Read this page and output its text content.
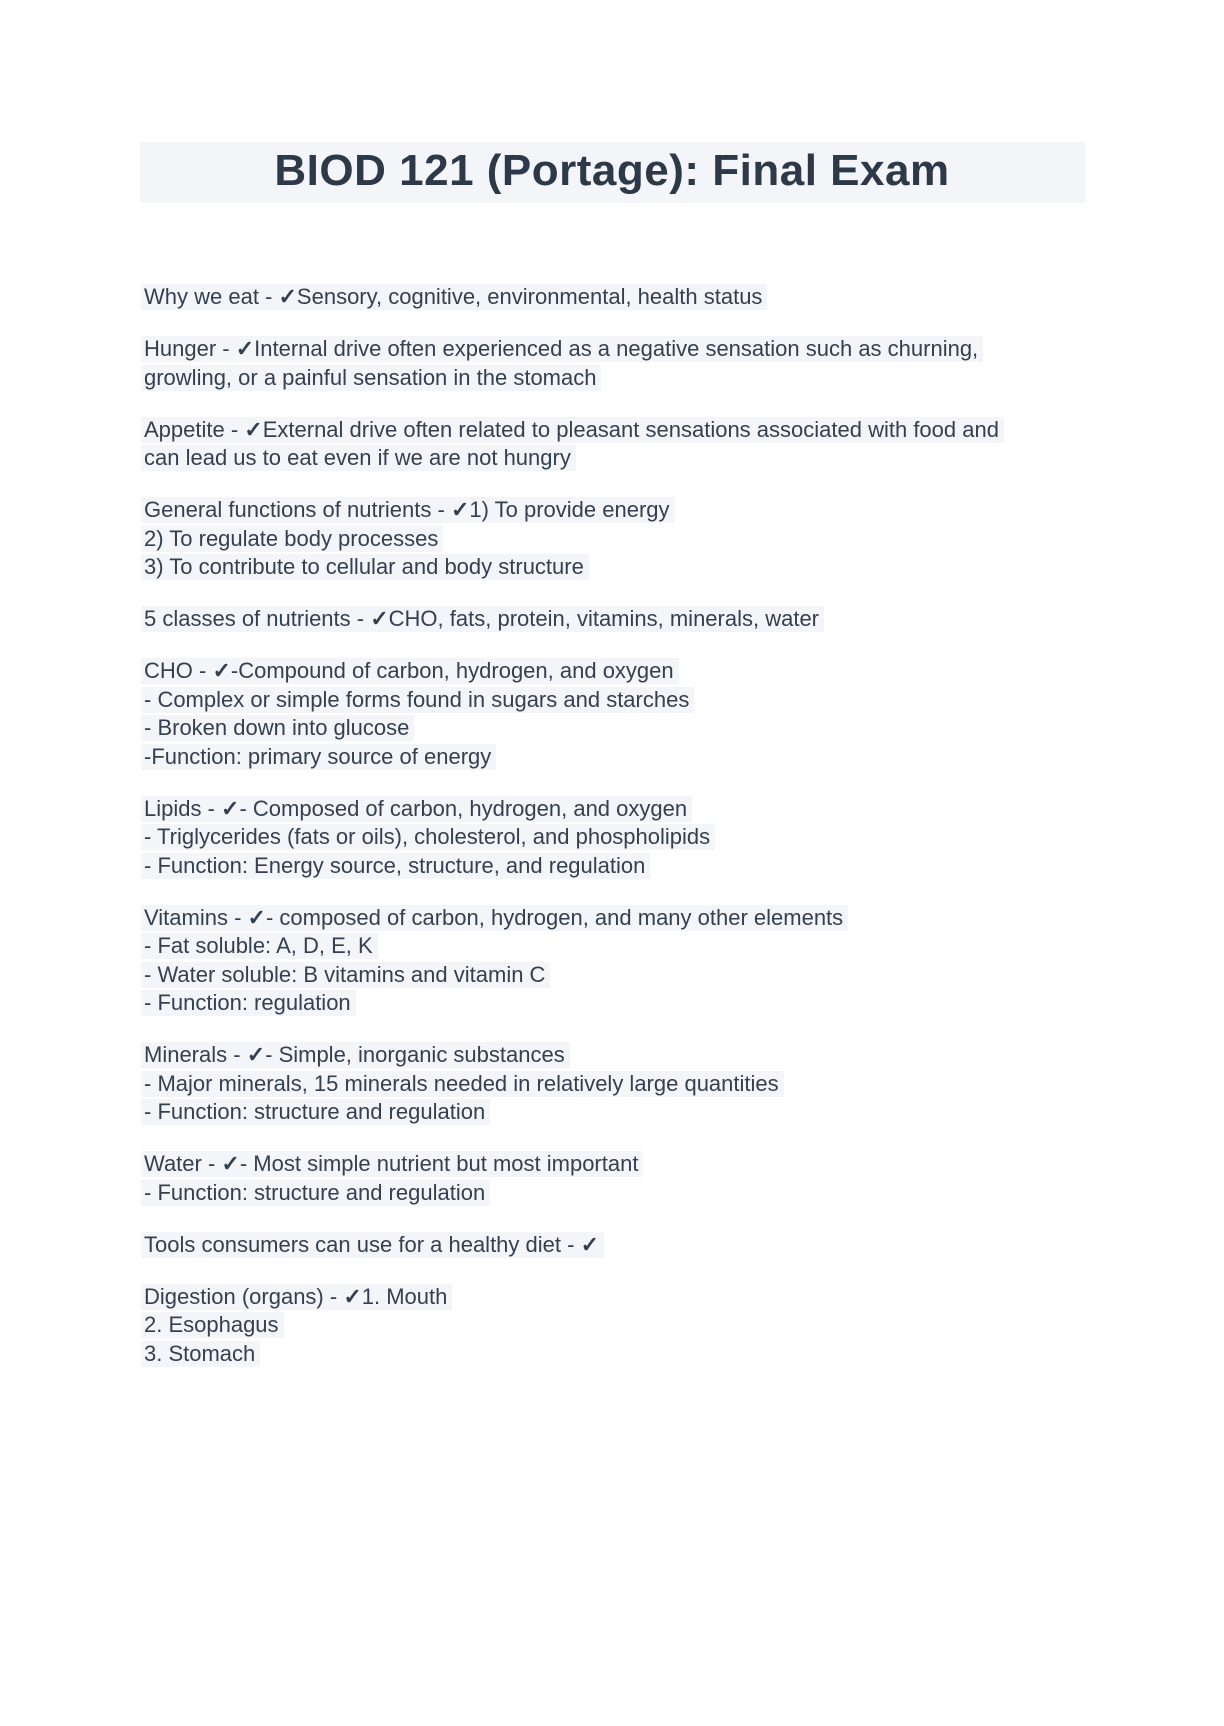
BIOD 121 (Portage): Final Exam
Why we eat - ✓Sensory, cognitive, environmental, health status
Hunger - ✓Internal drive often experienced as a negative sensation such as churning,
growling, or a painful sensation in the stomach
Appetite - ✓External drive often related to pleasant sensations associated with food and
can lead us to eat even if we are not hungry
General functions of nutrients - ✓1) To provide energy
2) To regulate body processes
3) To contribute to cellular and body structure
5 classes of nutrients - ✓CHO, fats, protein, vitamins, minerals, water
CHO - ✓-Compound of carbon, hydrogen, and oxygen
- Complex or simple forms found in sugars and starches
- Broken down into glucose
-Function: primary source of energy
Lipids - ✓- Composed of carbon, hydrogen, and oxygen
- Triglycerides (fats or oils), cholesterol, and phospholipids
- Function: Energy source, structure, and regulation
Vitamins - ✓- composed of carbon, hydrogen, and many other elements
- Fat soluble: A, D, E, K
- Water soluble: B vitamins and vitamin C
- Function: regulation
Minerals - ✓- Simple, inorganic substances
- Major minerals, 15 minerals needed in relatively large quantities
- Function: structure and regulation
Water - ✓- Most simple nutrient but most important
- Function: structure and regulation
Tools consumers can use for a healthy diet - ✓
Digestion (organs) - ✓1. Mouth
2. Esophagus
3. Stomach
